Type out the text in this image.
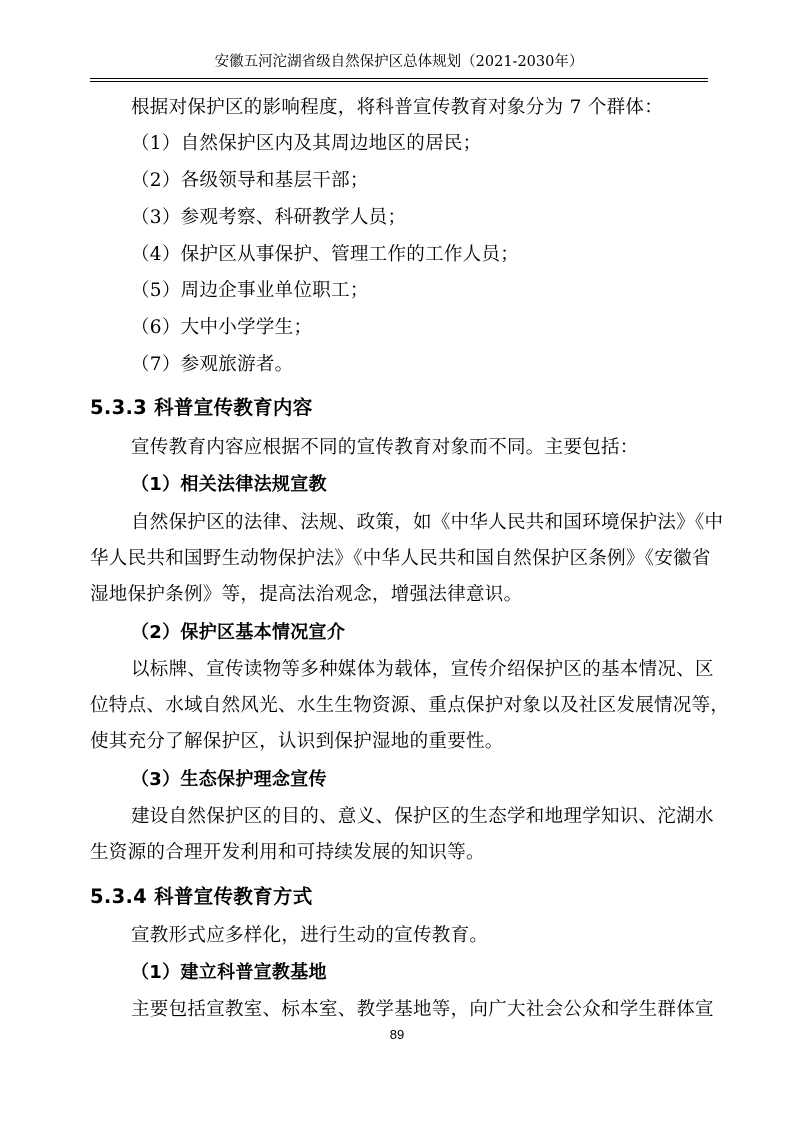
安徽五河沱湖省级自然保护区总体规划（2021-2030年）
根据对保护区的影响程度，将科普宣传教育对象分为 7 个群体：
（1）自然保护区内及其周边地区的居民；
（2）各级领导和基层干部；
（3）参观考察、科研教学人员；
（4）保护区从事保护、管理工作的工作人员；
（5）周边企事业单位职工；
（6）大中小学学生；
（7）参观旅游者。
5.3.3 科普宣传教育内容
宣传教育内容应根据不同的宣传教育对象而不同。主要包括：
（1）相关法律法规宣教
自然保护区的法律、法规、政策，如《中华人民共和国环境保护法》《中
华人民共和国野生动物保护法》《中华人民共和国自然保护区条例》《安徽省
湿地保护条例》等，提高法治观念，增强法律意识。
（2）保护区基本情况宣介
以标牌、宣传读物等多种媒体为载体，宣传介绍保护区的基本情况、区
位特点、水域自然风光、水生生物资源、重点保护对象以及社区发展情况等，
使其充分了解保护区，认识到保护湿地的重要性。
（3）生态保护理念宣传
建设自然保护区的目的、意义、保护区的生态学和地理学知识、沱湖水
生资源的合理开发利用和可持续发展的知识等。
5.3.4 科普宣传教育方式
宣教形式应多样化，进行生动的宣传教育。
（1）建立科普宣教基地
主要包括宣教室、标本室、教学基地等，向广大社会公众和学生群体宣
89
